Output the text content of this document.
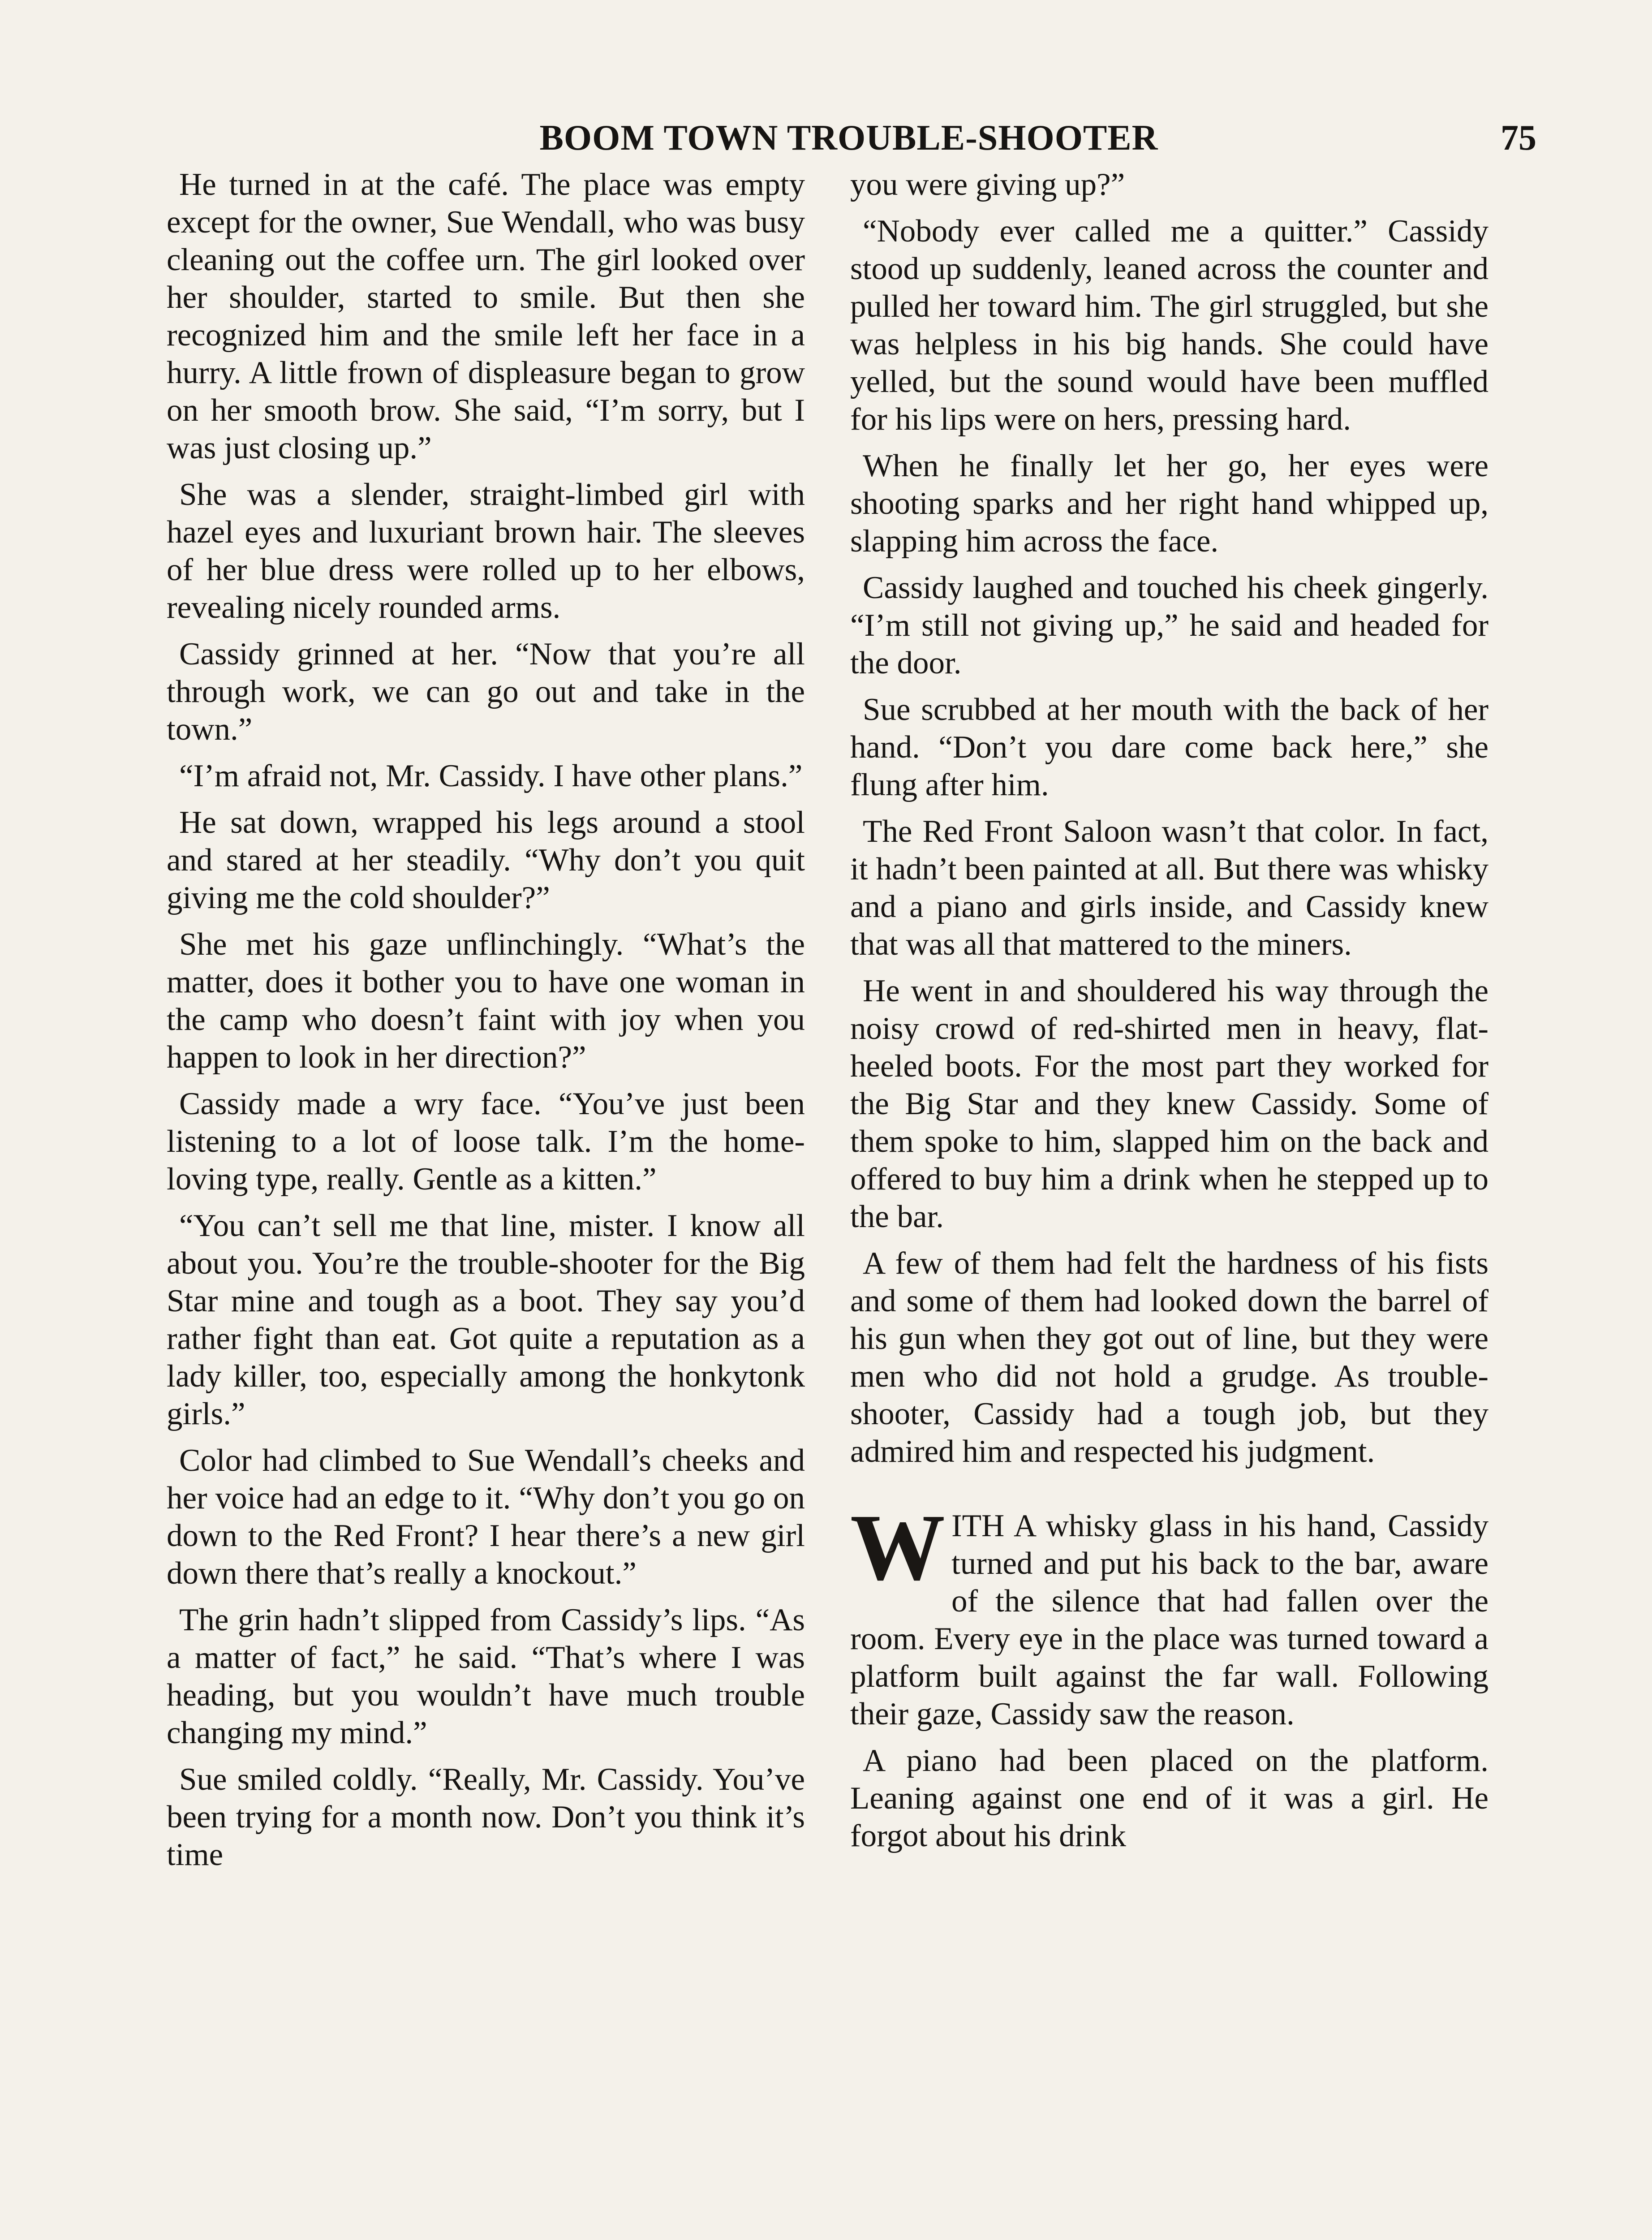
BOOM TOWN TROUBLE-SHOOTER	75

He turned in at the café. The place was empty except for the owner, Sue Wendall, who was busy cleaning out the coffee urn. The girl looked over her shoulder, started to smile. But then she recognized him and the smile left her face in a hurry. A little frown of displeasure began to grow on her smooth brow. She said, “I’m sorry, but I was just closing up.”

She was a slender, straight-limbed girl with hazel eyes and luxuriant brown hair. The sleeves of her blue dress were rolled up to her elbows, revealing nicely rounded arms.

Cassidy grinned at her. “Now that you’re all through work, we can go out and take in the town.”

“I’m afraid not, Mr. Cassidy. I have other plans.”

He sat down, wrapped his legs around a stool and stared at her steadily. “Why don’t you quit giving me the cold shoulder?”

She met his gaze unflinchingly. “What’s the matter, does it bother you to have one woman in the camp who doesn’t faint with joy when you happen to look in her direction?”

Cassidy made a wry face. “You’ve just been listening to a lot of loose talk. I’m the home-loving type, really. Gentle as a kitten.”

“You can’t sell me that line, mister. I know all about you. You’re the trouble-shooter for the Big Star mine and tough as a boot. They say you’d rather fight than eat. Got quite a reputation as a lady killer, too, especially among the honkytonk girls.”

Color had climbed to Sue Wendall’s cheeks and her voice had an edge to it. “Why don’t you go on down to the Red Front? I hear there’s a new girl down there that’s really a knockout.”

The grin hadn’t slipped from Cassidy’s lips. “As a matter of fact,” he said. “That’s where I was heading, but you wouldn’t have much trouble changing my mind.”

Sue smiled coldly. “Really, Mr. Cassidy. You’ve been trying for a month now. Don’t you think it’s time

you were giving up?”

“Nobody ever called me a quitter.” Cassidy stood up suddenly, leaned across the counter and pulled her toward him. The girl struggled, but she was helpless in his big hands. She could have yelled, but the sound would have been muffled for his lips were on hers, pressing hard.

When he finally let her go, her eyes were shooting sparks and her right hand whipped up, slapping him across the face.

Cassidy laughed and touched his cheek gingerly. “I’m still not giving up,” he said and headed for the door.

Sue scrubbed at her mouth with the back of her hand. “Don’t you dare come back here,” she flung after him.

The Red Front Saloon wasn’t that color. In fact, it hadn’t been painted at all. But there was whisky and a piano and girls inside, and Cassidy knew that was all that mattered to the miners.

He went in and shouldered his way through the noisy crowd of red-shirted men in heavy, flat-heeled boots. For the most part they worked for the Big Star and they knew Cassidy. Some of them spoke to him, slapped him on the back and offered to buy him a drink when he stepped up to the bar.

A few of them had felt the hardness of his fists and some of them had looked down the barrel of his gun when they got out of line, but they were men who did not hold a grudge. As trouble-shooter, Cassidy had a tough job, but they admired him and respected his judgment.

WITH A whisky glass in his hand, Cassidy turned and put his back to the bar, aware of the silence that had fallen over the room. Every eye in the place was turned toward a platform built against the far wall. Following their gaze, Cassidy saw the reason.

A piano had been placed on the platform. Leaning against one end of it was a girl. He forgot about his drink
